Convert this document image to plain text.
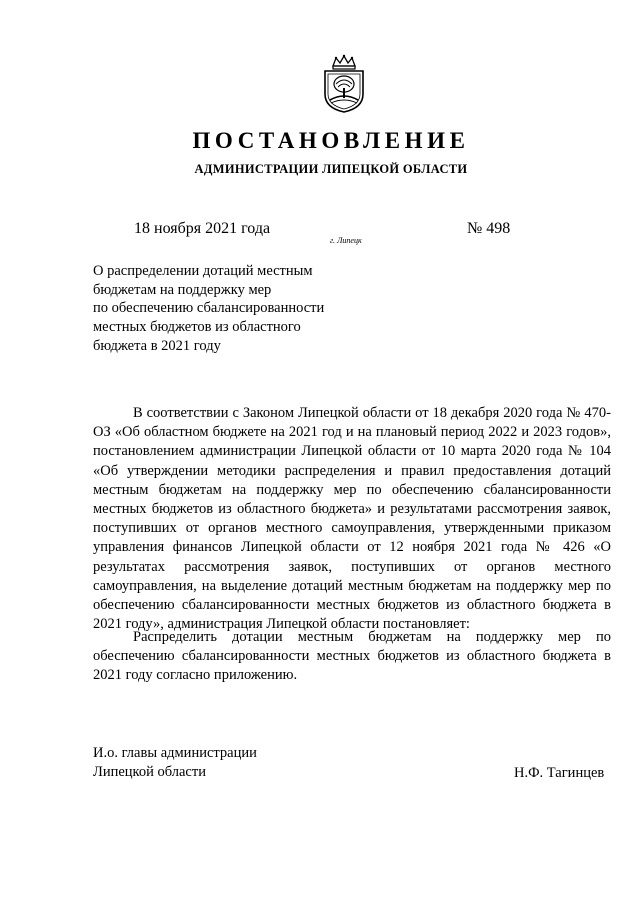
ПОСТАНОВЛЕНИЕ
АДМИНИСТРАЦИИ ЛИПЕЦКОЙ ОБЛАСТИ
18 ноября 2021 года
г. Липецк
№ 498
О распределении дотаций местным
бюджетам на поддержку мер
по обеспечению сбалансированности
местных бюджетов из областного
бюджета в 2021 году

В соответствии с Законом Липецкой области от 18 декабря 2020 года № 470-ОЗ «Об областном бюджете на 2021 год и на плановый период 2022 и 2023 годов», постановлением администрации Липецкой области от 10 марта 2020 года № 104 «Об утверждении методики распределения и правил предоставления дотаций местным бюджетам на поддержку мер по обеспечению сбалансированности местных бюджетов из областного бюджета» и результатами рассмотрения заявок, поступивших от органов местного самоуправления, утвержденными приказом управления финансов Липецкой области от 12 ноября 2021 года № 426 «О результатах рассмотрения заявок, поступивших от органов местного самоуправления, на выделение дотаций местным бюджетам на поддержку мер по обеспечению сбалансированности местных бюджетов из областного бюджета в 2021 году», администрация Липецкой области постановляет:

Распределить дотации местным бюджетам на поддержку мер по обеспечению сбалансированности местных бюджетов из областного бюджета в 2021 году согласно приложению.

И.о. главы администрации
Липецкой области	Н.Ф. Тагинцев
